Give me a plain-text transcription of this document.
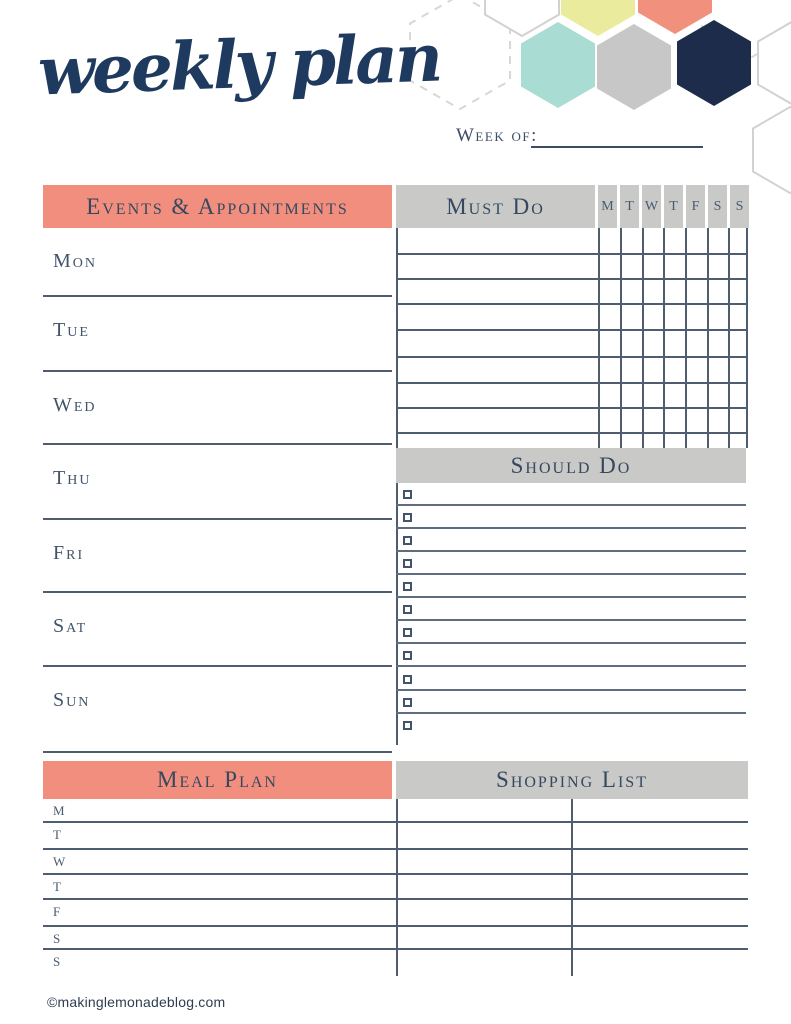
weekly plan
Week of:
Events & Appointments	Must Do	M T W T F	S	S
Mon
Tue
Wed
Thu
Fri
Sat
Sun
Should Do
Meal Plan	Shopping List
M
T
W
T
F
S
S
©makinglemonadeblog.com
